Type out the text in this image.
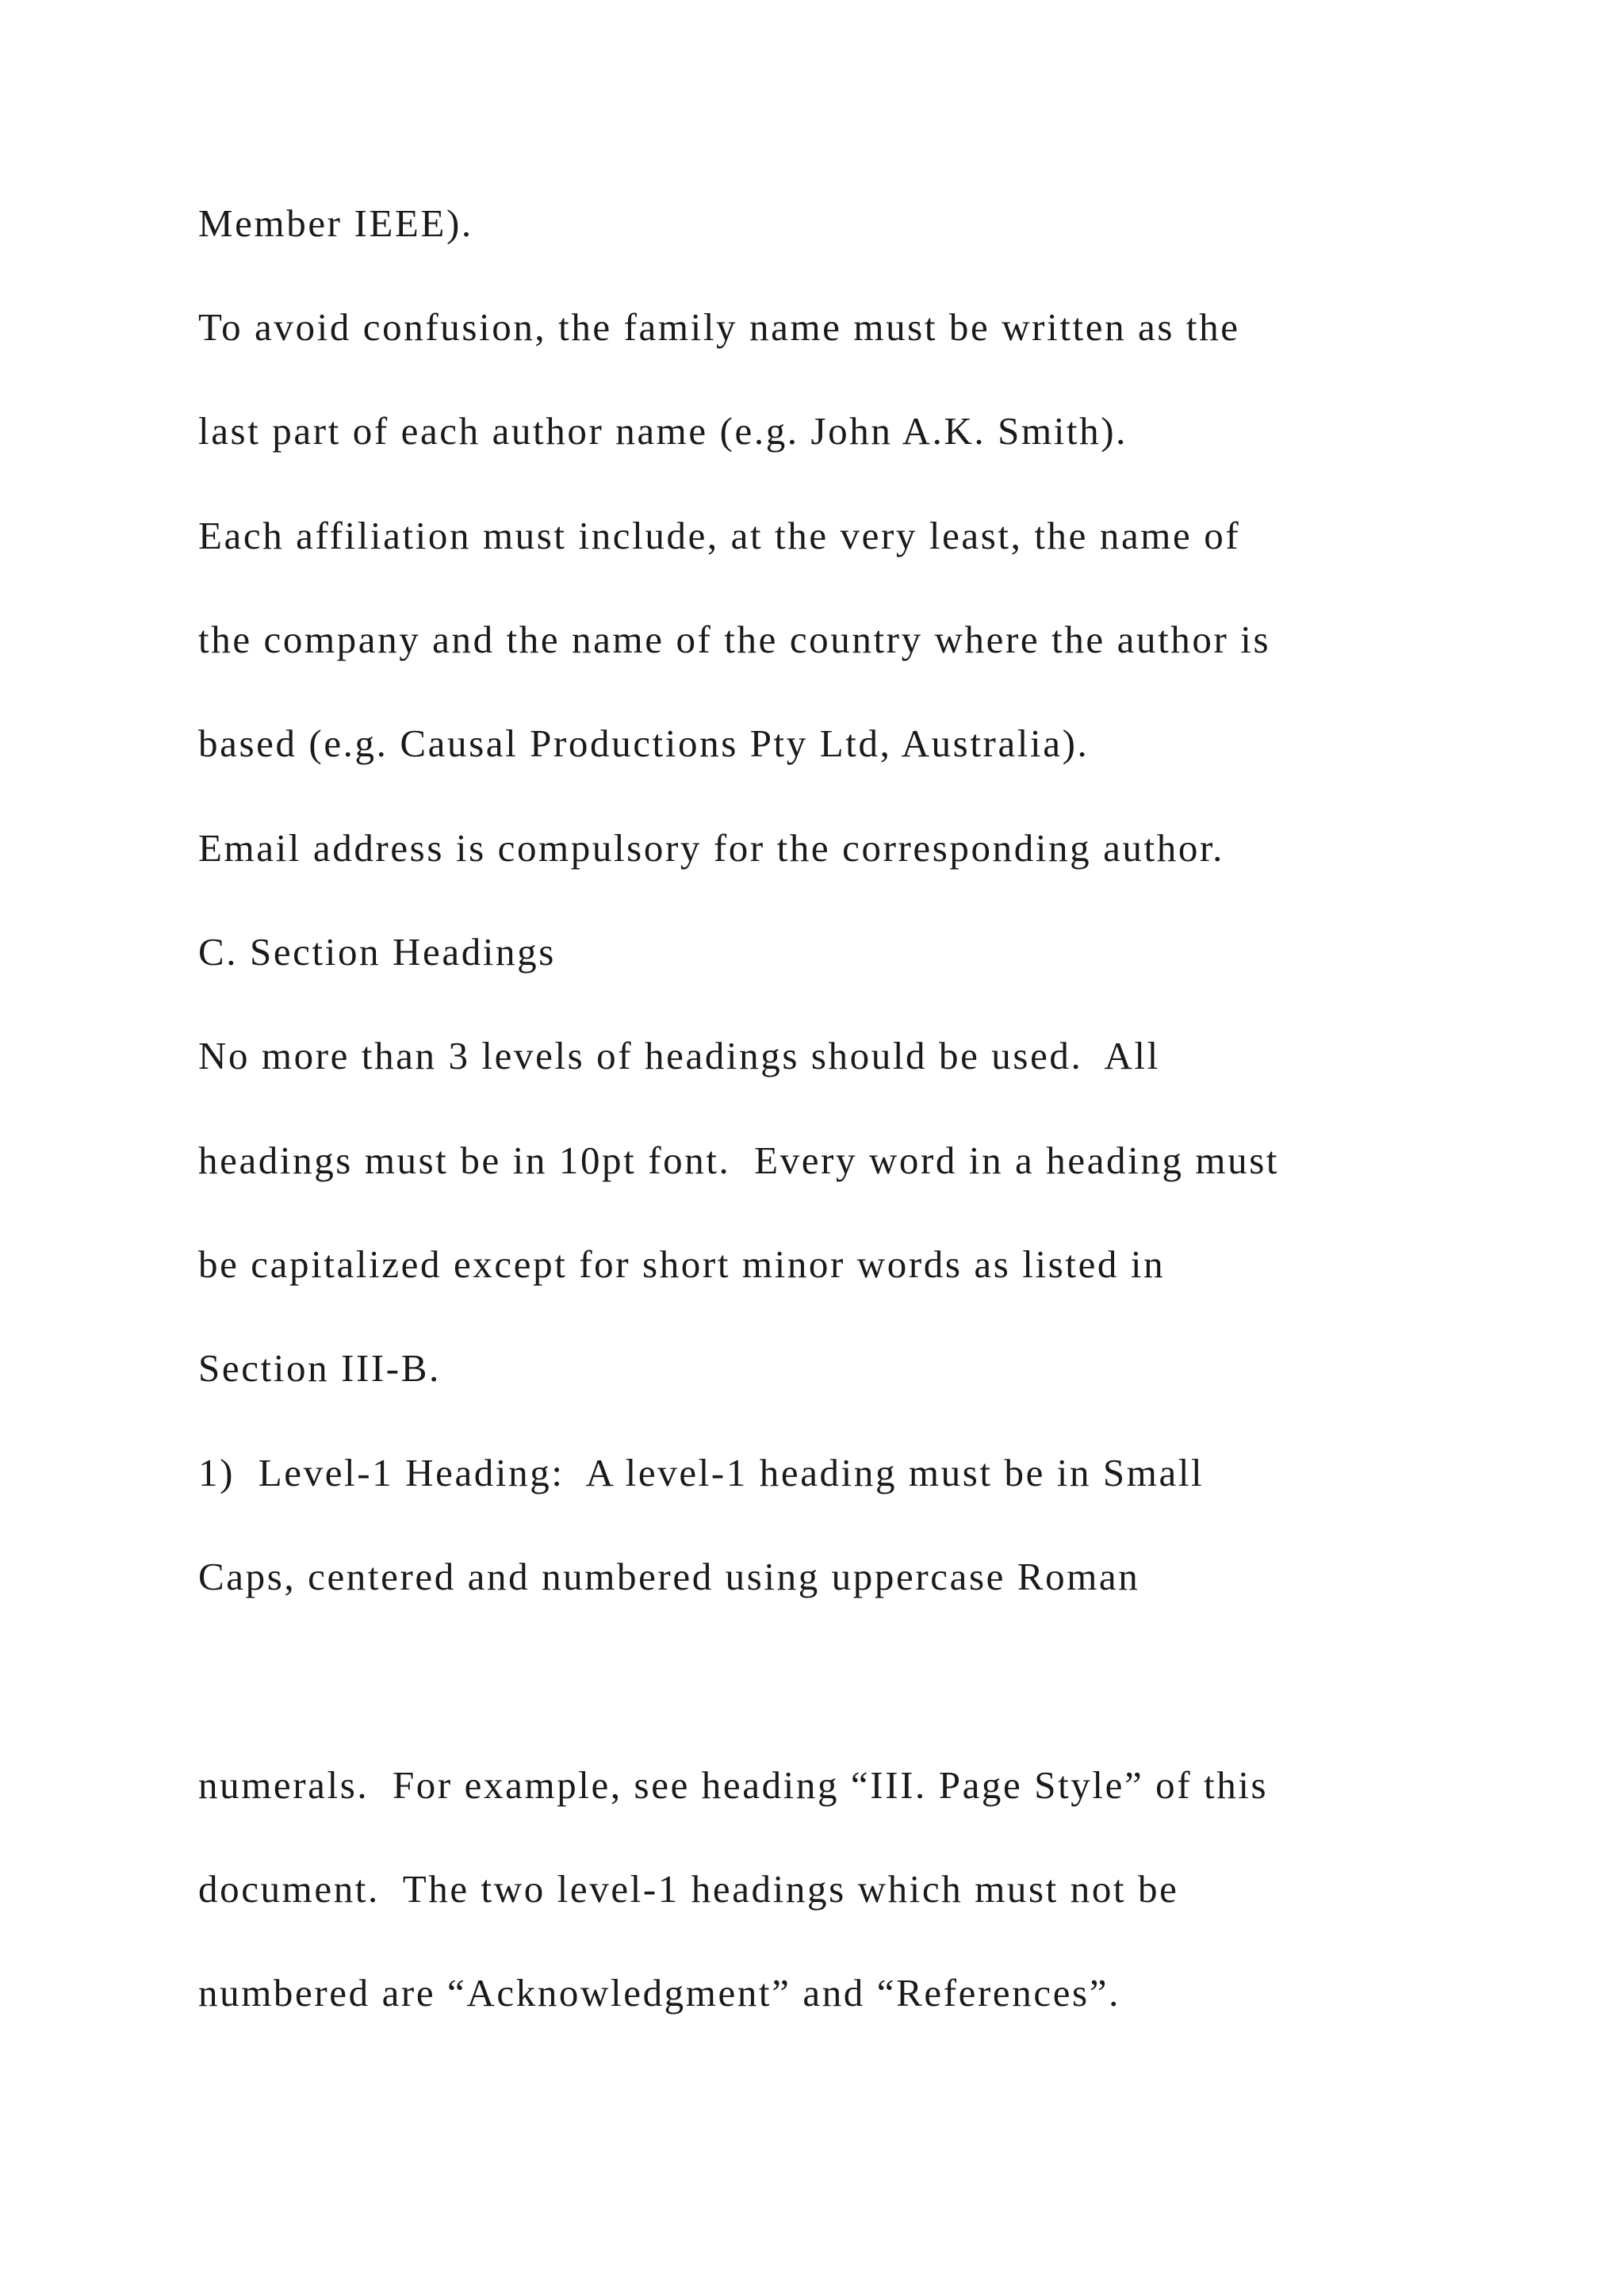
Member IEEE).

To avoid confusion, the family name must be written as the

last part of each author name (e.g. John A.K. Smith).

Each affiliation must include, at the very least, the name of

the company and the name of the country where the author is

based (e.g. Causal Productions Pty Ltd, Australia).

Email address is compulsory for the corresponding author.

C. Section Headings

No more than 3 levels of headings should be used.  All

headings must be in 10pt font.  Every word in a heading must

be capitalized except for short minor words as listed in

Section III-B.

1)  Level-1 Heading:  A level-1 heading must be in Small

Caps, centered and numbered using uppercase Roman

numerals.  For example, see heading “III. Page Style” of this

document.  The two level-1 headings which must not be

numbered are “Acknowledgment” and “References”.
